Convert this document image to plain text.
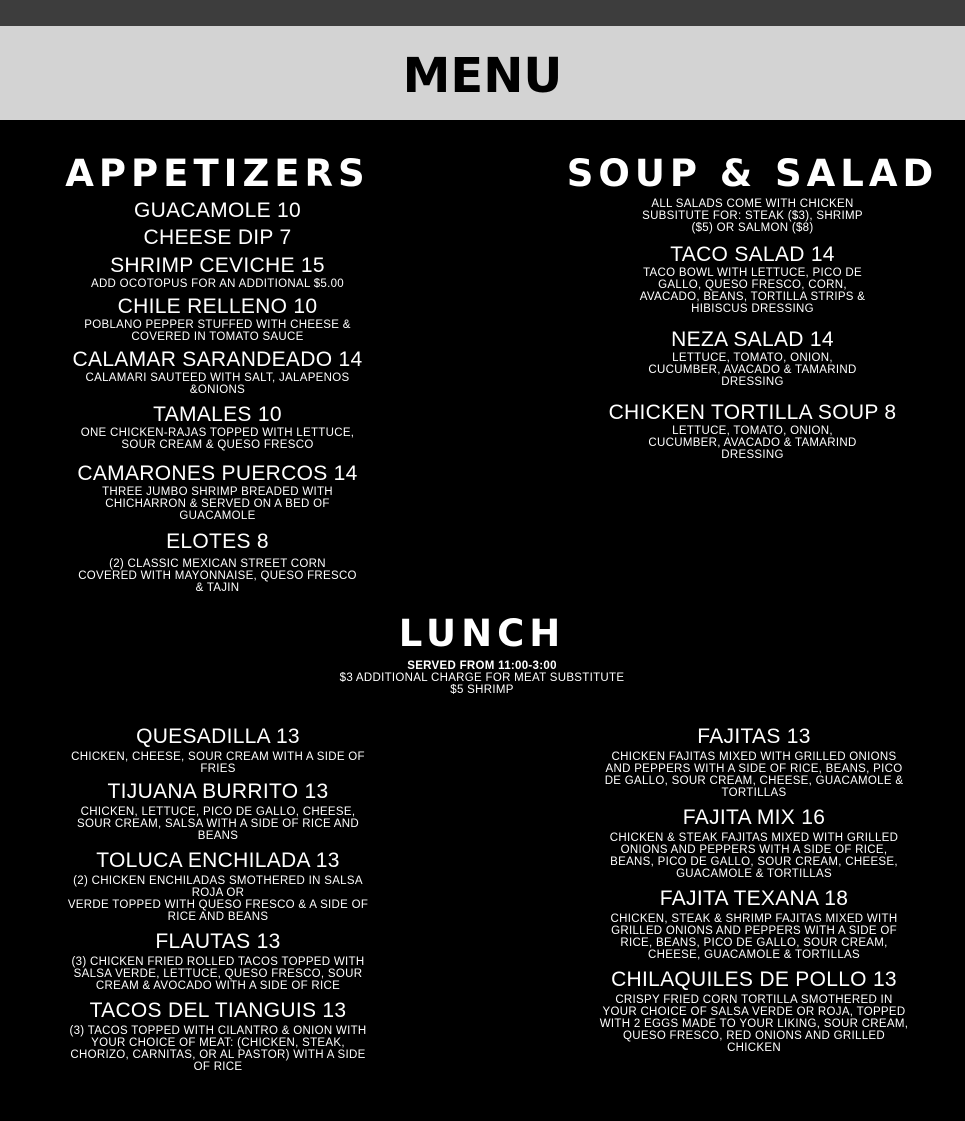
MENU
APPETIZERS
GUACAMOLE 10
CHEESE DIP 7
SHRIMP CEVICHE 15
ADD OCOTOPUS FOR AN ADDITIONAL $5.00
CHILE RELLENO 10
POBLANO PEPPER STUFFED WITH CHEESE & COVERED IN TOMATO SAUCE
CALAMAR SARANDEADO 14
CALAMARI SAUTEED WITH SALT, JALAPENOS &ONIONS
TAMALES 10
ONE CHICKEN-RAJAS TOPPED WITH LETTUCE, SOUR CREAM & QUESO FRESCO
CAMARONES PUERCOS 14
THREE JUMBO SHRIMP BREADED WITH CHICHARRON & SERVED ON A BED OF GUACAMOLE
ELOTES 8
(2) CLASSIC MEXICAN STREET CORN COVERED WITH MAYONNAISE, QUESO FRESCO & TAJIN
SOUP & SALAD
ALL SALADS COME WITH CHICKEN SUBSITUTE FOR: STEAK ($3), SHRIMP ($5) OR SALMON ($8)
TACO SALAD 14
TACO BOWL WITH LETTUCE, PICO DE GALLO, QUESO FRESCO, CORN, AVACADO, BEANS, TORTILLA STRIPS & HIBISCUS DRESSING
NEZA SALAD 14
LETTUCE, TOMATO, ONION, CUCUMBER, AVACADO & TAMARIND DRESSING
CHICKEN TORTILLA SOUP 8
LETTUCE, TOMATO, ONION, CUCUMBER, AVACADO & TAMARIND DRESSING
LUNCH
SERVED FROM 11:00-3:00
$3 ADDITIONAL CHARGE FOR MEAT SUBSTITUTE
$5 SHRIMP
QUESADILLA 13
CHICKEN, CHEESE, SOUR CREAM WITH A SIDE OF FRIES
TIJUANA BURRITO 13
CHICKEN, LETTUCE, PICO DE GALLO, CHEESE, SOUR CREAM, SALSA WITH A SIDE OF RICE AND BEANS
TOLUCA ENCHILADA 13
(2) CHICKEN ENCHILADAS SMOTHERED IN SALSA ROJA OR
VERDE TOPPED WITH QUESO FRESCO & A SIDE OF RICE AND BEANS
FLAUTAS 13
(3) CHICKEN FRIED ROLLED TACOS TOPPED WITH SALSA VERDE, LETTUCE, QUESO FRESCO, SOUR CREAM & AVOCADO WITH A SIDE OF RICE
TACOS DEL TIANGUIS 13
(3) TACOS TOPPED WITH CILANTRO & ONION WITH YOUR CHOICE OF MEAT: (CHICKEN, STEAK, CHORIZO, CARNITAS, OR AL PASTOR) WITH A SIDE OF RICE
FAJITAS 13
CHICKEN FAJITAS MIXED WITH GRILLED ONIONS AND PEPPERS WITH A SIDE OF RICE, BEANS, PICO DE GALLO, SOUR CREAM, CHEESE, GUACAMOLE & TORTILLAS
FAJITA MIX 16
CHICKEN & STEAK FAJITAS MIXED WITH GRILLED ONIONS AND PEPPERS WITH A SIDE OF RICE, BEANS, PICO DE GALLO, SOUR CREAM, CHEESE, GUACAMOLE & TORTILLAS
FAJITA TEXANA 18
CHICKEN, STEAK & SHRIMP FAJITAS MIXED WITH GRILLED ONIONS AND PEPPERS WITH A SIDE OF RICE, BEANS, PICO DE GALLO, SOUR CREAM, CHEESE, GUACAMOLE & TORTILLAS
CHILAQUILES DE POLLO 13
CRISPY FRIED CORN TORTILLA SMOTHERED IN YOUR CHOICE OF SALSA VERDE OR ROJA, TOPPED WITH 2 EGGS MADE TO YOUR LIKING, SOUR CREAM, QUESO FRESCO, RED ONIONS AND GRILLED CHICKEN
